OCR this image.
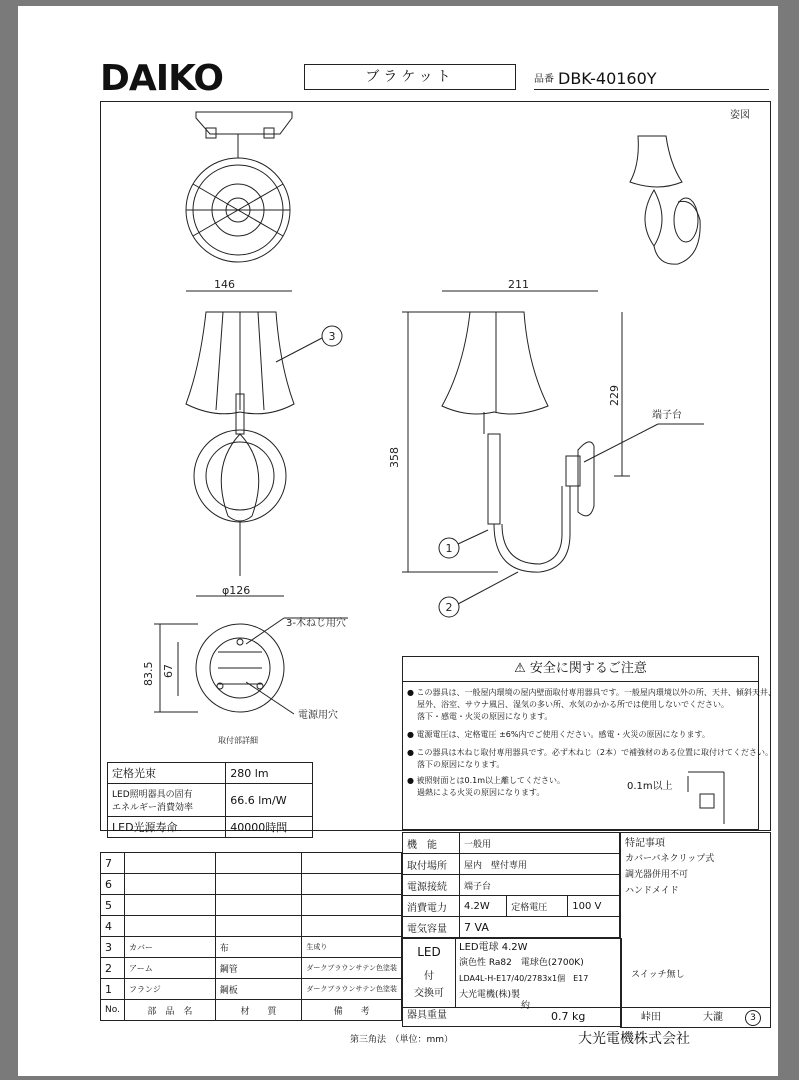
DAIKO	ブラケット	品番 DBK-40160Y
146	211
358
229
φ126
83.5 67
3-木ねじ用穴
電源用穴
取付部詳細
端子台
姿図
3
1
2
定格光束	280 lm
LED照明器具の固有
エネルギー消費効率	66.6 lm/W
LED光源寿命	40000時間
⚠ 安全に関するご注意
● この器具は、一般屋内環境の屋内壁面取付専用器具です。一般屋内環境以外の所、天井、傾斜天井、
屋外、浴室、サウナ風呂、湿気の多い所、水気のかかる所では使用しないでください。
落下・感電・火災の原因になります。
● 電源電圧は、定格電圧 ±6%内でご使用ください。感電・火災の原因になります。
● この器具は木ねじ取付専用器具です。必ず木ねじ（2本）で補強材のある位置に取付けてください。
落下の原因になります。
● 被照射面とは0.1m以上離してください。
過熱による火災の原因になります。
0.1m以上
7			
6			
5			
4			
3	カバー	布	生成り
2	アーム	鋼管	ダークブラウンサテン色塗装
1	フランジ	鋼板	ダークブラウンサテン色塗装
No.	部　品　名	材　　質	備　　考
機　能	一般用		
取付場所	屋内　壁付専用		
電源接続	端子台		
消費電力	4.2W	定格電圧	100 V
電気容量	7 VA		
LED
付
交換可
LED電球 4.2W
演色性 Ra82　電球色(2700K)
LDA4L-H-E17/40/2783x1個　E17
大光電機(株)製
器具重量
約
0.7 kg
特記事項
カバーバネクリップ式
調光器併用不可
ハンドメイド
スイッチ無し
峠田	大瀧	3
第三角法　（単位：mm）	大光電機株式会社
